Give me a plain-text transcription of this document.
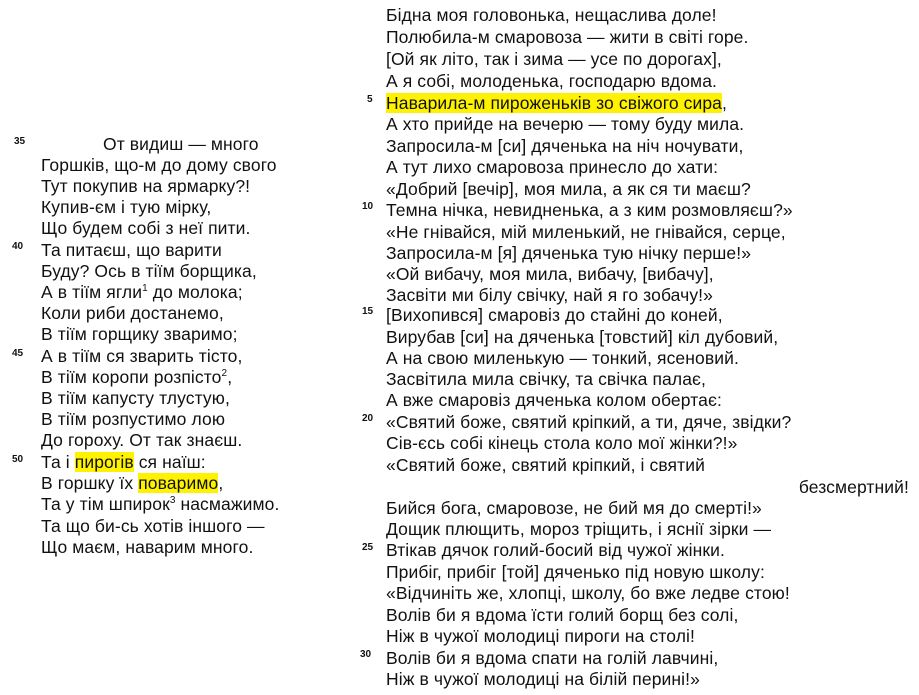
35
40
45
50
От видиш — много
Горшків, що-м до дому свого
Тут покупив на ярмарку?!
Купив-єм і тую мірку,
Що будем собі з неї пити.
Та питаєш, що варити
Буду? Ось в тіїм борщика,
А в тіїм ягли$^1$ до молока;
Коли риби достанемо,
В тіїм горщику зваримо;
А в тіїм ся зварить тісто,
В тіїм коропи розпісто$^2$,
В тіїм капусту тлустую,
В тіїм розпустимо лою
До гороху. От так знаєш.
Та і пирогів ся наїш:
В горшку їх поваримо,
Та у тім шпирок$^3$ насмажимо.
Та що би-сь хотів іншого —
Що маєм, наварим много.
5
10
15
20
25
30
Бідна моя головонька, нещаслива доле!
Полюбила-м смаровоза — жити в світі горе.
[Ой як літо, так і зима — усе по дорогах],
А я собі, молоденька, господарю вдома.
Наварила-м пироженьків зо свіжого сира,
А хто прийде на вечерю — тому буду мила.
Запросила-м [си] дяченька на ніч ночувати,
А тут лихо смаровоза принесло до хати:
«Добрий [вечір], моя мила, а як ся ти маєш?
Темна нічка, невидненька, а з ким розмовляєш?»
«Не гнівайся, мій миленький, не гнівайся, серце,
Запросила-м [я] дяченька тую нічку перше!»
«Ой вибачу, моя мила, вибачу, [вибачу],
Засвіти ми білу свічку, най я го зобачу!»
[Вихопився] смаровіз до стайні до коней,
Вирубав [си] на дяченька [товстий] кіл дубовий,
А на свою миленькую — тонкий, ясеновий.
Засвітила мила свічку, та свічка палає,
А вже смаровіз дяченька колом обертає:
«Святий боже, святий кріпкий, а ти, дяче, звідки?
Сів-єсь собі кінець стола коло мої жінки?!»
«Святий боже, святий кріпкий, і святий
безсмертний!
Бийся бога, смаровозе, не бий мя до смерті!»
Дощик плющить, мороз тріщить, і яснії зірки —
Втікав дячок голий-босий від чужої жінки.
Прибіг, прибіг [той] дяченько під новую школу:
«Відчиніть же, хлопці, школу, бо вже ледве стою!
Волів би я вдома їсти голий борщ без солі,
Ніж в чужої молодиці пироги на столі!
Волів би я вдома спати на голій лавчині,
Ніж в чужої молодиці на білій перині!»
